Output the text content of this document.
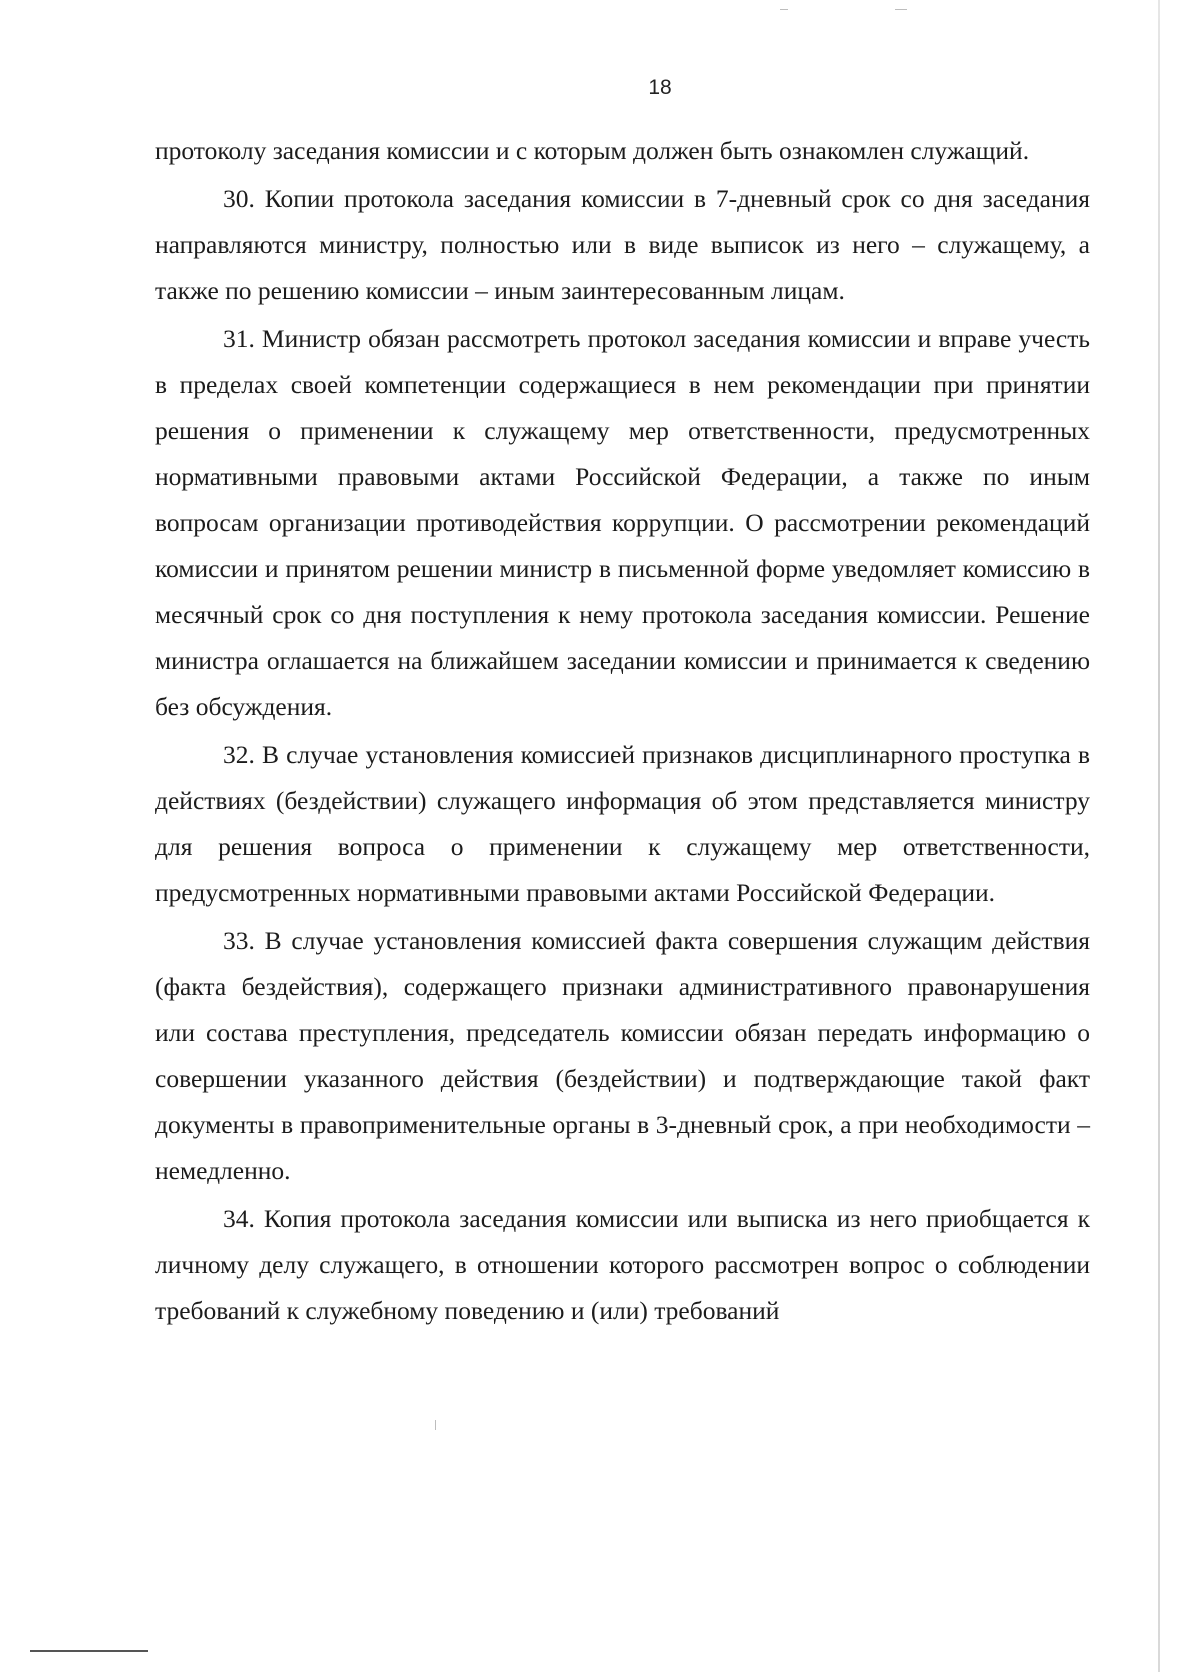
18

протоколу заседания комиссии и с которым должен быть ознакомлен служащий.

30. Копии протокола заседания комиссии в 7-дневный срок со дня заседания направляются министру, полностью или в виде выписок из него – служащему, а также по решению комиссии – иным заинтересованным лицам.

31. Министр обязан рассмотреть протокол заседания комиссии и вправе учесть в пределах своей компетенции содержащиеся в нем рекомендации при принятии решения о применении к служащему мер ответственности, предусмотренных нормативными правовыми актами Российской Федерации, а также по иным вопросам организации противодействия коррупции. О рассмотрении рекомендаций комиссии и принятом решении министр в письменной форме уведомляет комиссию в месячный срок со дня поступления к нему протокола заседания комиссии. Решение министра оглашается на ближайшем заседании комиссии и принимается к сведению без обсуждения.

32. В случае установления комиссией признаков дисциплинарного проступка в действиях (бездействии) служащего информация об этом представляется министру для решения вопроса о применении к служащему мер ответственности, предусмотренных нормативными правовыми актами Российской Федерации.

33. В случае установления комиссией факта совершения служащим действия (факта бездействия), содержащего признаки административного правонарушения или состава преступления, председатель комиссии обязан передать информацию о совершении указанного действия (бездействии) и подтверждающие такой факт документы в правоприменительные органы в 3-дневный срок, а при необходимости – немедленно.

34. Копия протокола заседания комиссии или выписка из него приобщается к личному делу служащего, в отношении которого рассмотрен вопрос о соблюдении требований к служебному поведению и (или) требований
